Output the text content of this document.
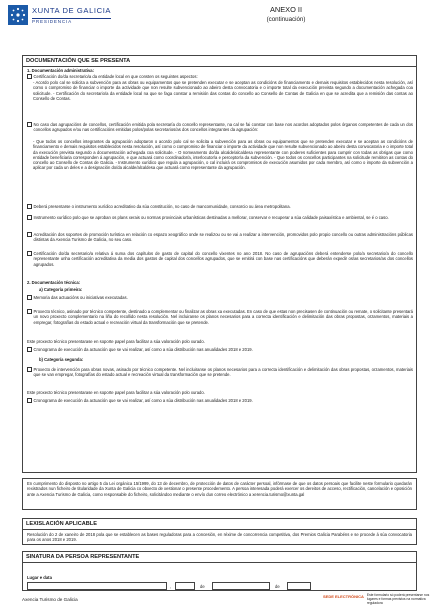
XUNTA DE GALICIA
PRESIDENCIA
ANEXO II
(continuación)
DOCUMENTACIÓN QUE SE PRESENTA
1. Documentación administrativa:
Certificación do/da secretario/a da entidade local en que consten os seguintes aspectos:
- Acordo polo cal se solicita a subvención para as obras ou equipamentos que se pretenden executar e se aceptan as condicións de financiamento e demais requisitos establecidos nesta resolución, así como o compromiso de financiar o importe da actividade que non resulte subvencionado ao abeiro desta convocatoria e o importe total da execución prevista segundo a documentación achegada coa solicitude. - Certificación do secretario/a da entidade local na que se faga constar a remisión das contas do concello ao Consello de Contas de Galicia en que se acredita que a remisión das contas ao Consello de Contas.
No caso das agrupacións de concellos, certificación emitida pola secretaría do concello representante, na cal se fai constar con base nos acordos adoptados polos órganos competentes de cada un dos concellos agrupados e/ou nas certificacións emitidas polos/polas secretarios/as dos concellos integrantes da agrupación:
- Que todos os concellos integrantes da agrupación adoptaron o acordo polo cal se solicita a subvención para as obras ou equipamentos que se pretenden executar e se aceptan as condicións de financiamento e demais requisitos establecidos nesta resolución, así como o compromiso de financiar o importe da actividade que non resulte subvencionado ao abeiro desta convocatoria e o importe total da execución prevista segundo a documentación achegada coa solicitude. - O nomeamento do/da alcalde/alcaldesa representante con poderes suficientes para cumprir con todas as obrigas que como entidade beneficiaria corresponden á agrupación, e que actuará como coordinador/a, interlocutor/a e perceptor/a da subvención. - Que todos os concellos participantes na solicitude remitiron as contas do concello ao Consello de Contas de Galicia. - Instrumento xurídico que regula a agrupación, o cal incluirá os compromisos de execución asumidos por cada membro, así como o importe da subvención a aplicar por cada un deles e a designación do/da alcalde/alcaldesa que actuará como representante da agrupación.
Deberá presentarse o instrumento xurídico acreditativo da súa constitución, no caso de mancomunidade, consorcio ou área metropolitana.
Instrumento xurídico polo que se aproban os plans xerais ou normas provinciais urbanísticas destinadas a mellorar, conservar e recuperar a súa calidade paisaxística e ambiental, se é o caso.
Acreditación dos soportes de promoción turística en relación co espazo xeográfico onde se realizou ou se vai a realizar a intervención, promovidos polo propio concello ou outras administracións públicas distintas da Axencia Turismo de Galicia, no seu caso.
Certificación do/da secretario/a relativa á suma dos capítulos de gasto de capital do concello vixentes no ano 2018. No caso de agrupacións deberá entenderse polo/a secretario/a do concello representante unha certificación acreditativa da media dos gastos de capital dos concellos agrupados, que se emitirá con base nas certificacións que deberán expedir os/as secretarios/as dos concellos agrupados.
2. Documentación técnica:
a) Categoría primeira:
Memoria das actuacións ou iniciativas executadas.
Proxecto técnico, asinado por técnico competente, destinado a complementar ou finalizar as obras xa executadas. En caso de que estas non precisasen de continuación ou remate, o solicitante presentará un novo proxecto complementario na liña do recollido nesta resolución. Nel incluiranse os planos necesarios para a correcta identificación e delimitación das obras propostas, orzamentos, materiais a empregar, fotografías do estado actual e recreación virtual da transformación que se pretende.
Este proxecto técnico presentarase en soporte papel para facilitar a súa valoración polo xurado.
Cronograma de execución da actuación que se vai realizar, así como a súa distribución nas anualidades 2018 e 2019.
b) Categoría segunda:
Proxecto de intervención para obras novas, asinado por técnico competente. Nel incluiranse os planos necesarios para a correcta identificación e delimitación das obras propostas, orzamentos, materiais que se van empregar, fotografías do estado actual e recreación virtual da transformación que se pretende.
Este proxecto técnico presentarase en soporte papel para facilitar a súa valoración polo xurado.
Cronograma de execución da actuación que se vai realizar, así como a súa distribución nas anualidades 2018 e 2019.
En cumprimento do disposto no artigo 5 da Lei orgánica 15/1999, do 13 de decembro, de protección de datos de carácter persoal, infórmase de que os datos persoais que facilite neste formulario quedarán rexistrados nun ficheiro de titularidade da Xunta de Galicia co obxecto de xestionar o presente procedemento. A persoa interesada poderá exercer os dereitos de acceso, rectificación, cancelación e oposición ante a Axencia Turismo de Galicia, como responsable do ficheiro, solicitándoo mediante o envío dun correo electrónico a xerencia.turismo@xunta.gal
LEXISLACIÓN APLICABLE
Resolución do 2 de xaneiro de 2018 pola que se establecen as bases reguladoras para a concesión, en réxime de concorrencia competitiva, dos Premios Galicia Parabéns e se procede á súa convocatoria para os anos 2018 e 2019.
SINATURA DA PERSOA REPRESENTANTE
Lugar e data
,	de	de
Axencia Turismo de Galicia
SEDE ELECTRÓNICA Este formulario só poderá presentarse nos lugares e formas previstos na normativa reguladora
